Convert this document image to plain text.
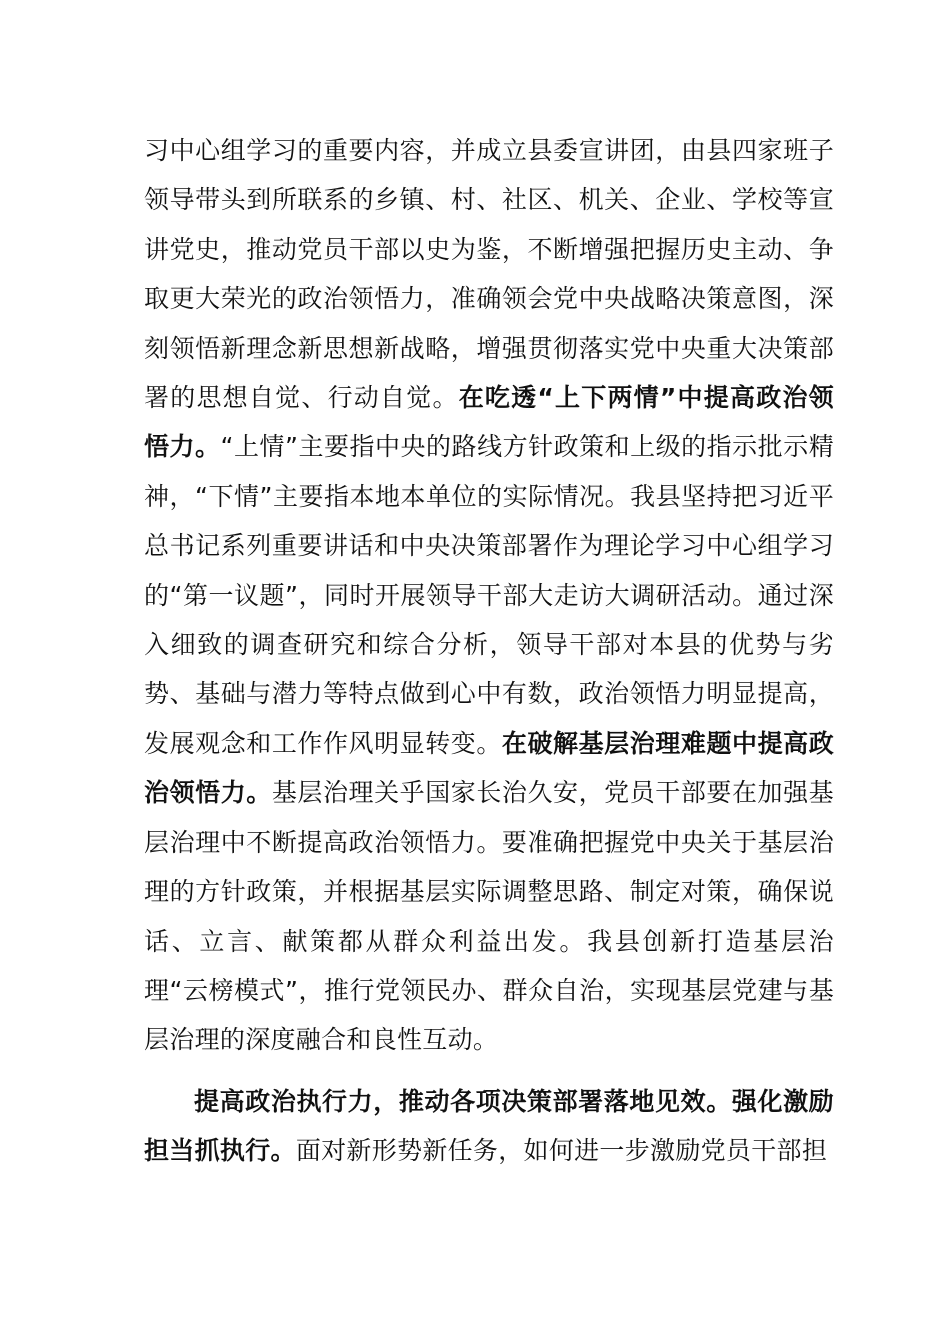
习中心组学习的重要内容，并成立县委宣讲团，由县四家班子领导带头到所联系的乡镇、村、社区、机关、企业、学校等宣讲党史，推动党员干部以史为鉴，不断增强把握历史主动、争取更大荣光的政治领悟力，准确领会党中央战略决策意图，深刻领悟新理念新思想新战略，增强贯彻落实党中央重大决策部署的思想自觉、行动自觉。在吃透“上下两情”中提高政治领悟力。“上情”主要指中央的路线方针政策和上级的指示批示精神，“下情”主要指本地本单位的实际情况。我县坚持把习近平总书记系列重要讲话和中央决策部署作为理论学习中心组学习的“第一议题”，同时开展领导干部大走访大调研活动。通过深入细致的调查研究和综合分析，领导干部对本县的优势与劣势、基础与潜力等特点做到心中有数，政治领悟力明显提高，发展观念和工作作风明显转变。在破解基层治理难题中提高政治领悟力。基层治理关乎国家长治久安，党员干部要在加强基层治理中不断提高政治领悟力。要准确把握党中央关于基层治理的方针政策，并根据基层实际调整思路、制定对策，确保说话、立言、献策都从群众利益出发。我县创新打造基层治理“云榜模式”，推行党领民办、群众自治，实现基层党建与基层治理的深度融合和良性互动。

提高政治执行力，推动各项决策部署落地见效。强化激励担当抓执行。面对新形势新任务，如何进一步激励党员干部担
